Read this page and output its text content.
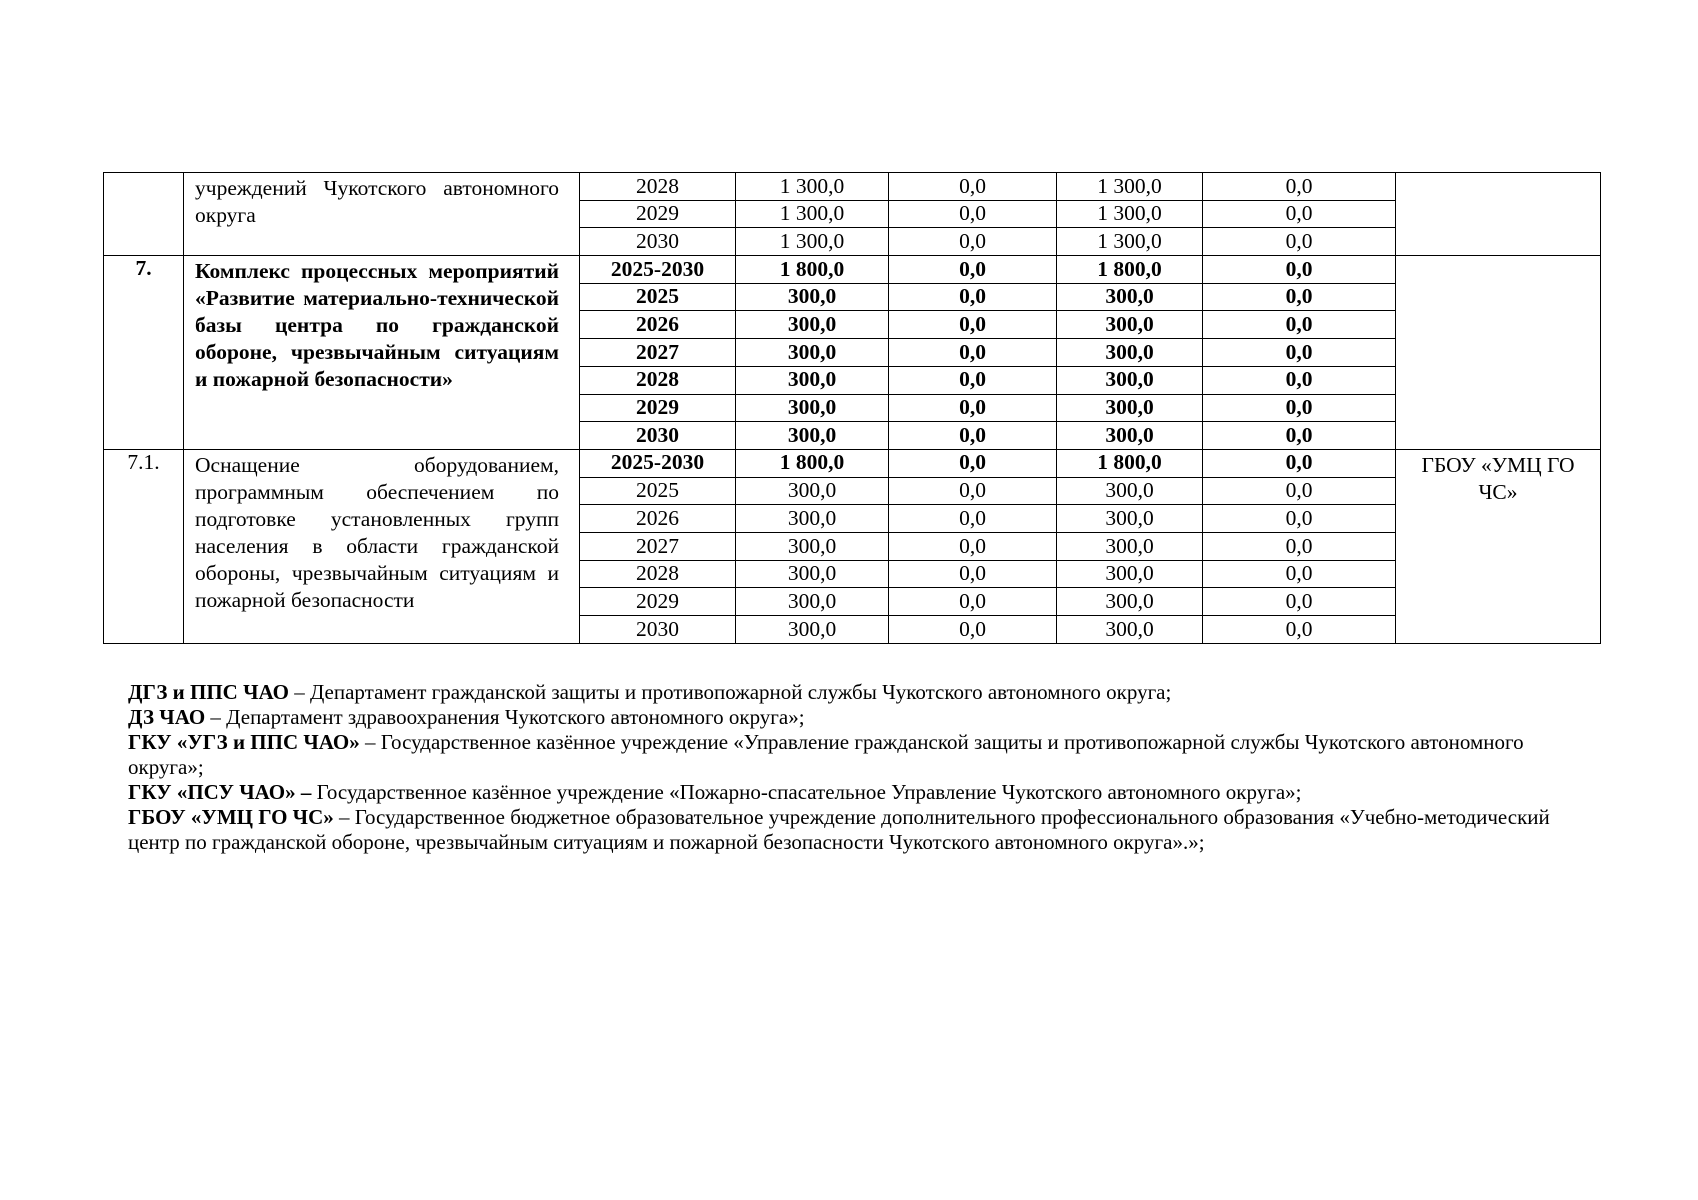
	учреждений Чукотского автономного округа	2028	1 300,0	0,0	1 300,0	0,0	
		2029	1 300,0	0,0	1 300,0	0,0	
		2030	1 300,0	0,0	1 300,0	0,0	
7.	Комплекс процессных мероприятий «Развитие материально-технической базы центра по гражданской обороне, чрезвычайным ситуациям и пожарной безопасности»	2025-2030	1 800,0	0,0	1 800,0	0,0	
		2025	300,0	0,0	300,0	0,0	
		2026	300,0	0,0	300,0	0,0	
		2027	300,0	0,0	300,0	0,0	
		2028	300,0	0,0	300,0	0,0	
		2029	300,0	0,0	300,0	0,0	
		2030	300,0	0,0	300,0	0,0	
7.1.	Оснащение оборудованием, программным обеспечением по подготовке установленных групп населения в области гражданской обороны, чрезвычайным ситуациям и пожарной безопасности	2025-2030	1 800,0	0,0	1 800,0	0,0	ГБОУ «УМЦ ГО ЧС»
		2025	300,0	0,0	300,0	0,0	
		2026	300,0	0,0	300,0	0,0	
		2027	300,0	0,0	300,0	0,0	
		2028	300,0	0,0	300,0	0,0	
		2029	300,0	0,0	300,0	0,0	
		2030	300,0	0,0	300,0	0,0	

ДГЗ и ППС ЧАО – Департамент гражданской защиты и противопожарной службы Чукотского автономного округа;

ДЗ ЧАО – Департамент здравоохранения Чукотского автономного округа»;

ГКУ «УГЗ и ППС ЧАО» – Государственное казённое учреждение «Управление гражданской защиты и противопожарной службы Чукотского автономного округа»;

ГКУ «ПСУ ЧАО» – Государственное казённое учреждение «Пожарно-спасательное Управление Чукотского автономного округа»;

ГБОУ «УМЦ ГО ЧС» – Государственное бюджетное образовательное учреждение дополнительного профессионального образования «Учебно-методический центр по гражданской обороне, чрезвычайным ситуациям и пожарной безопасности Чукотского автономного округа».»;
